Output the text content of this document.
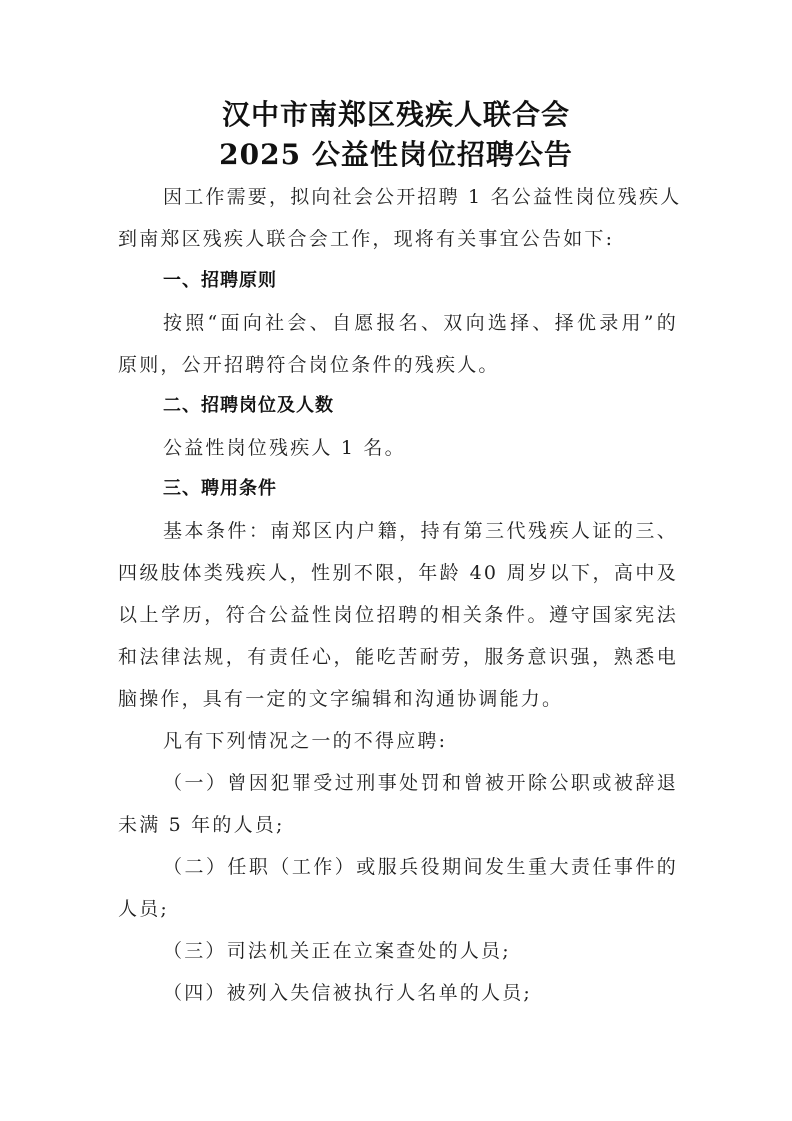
汉中市南郑区残疾人联合会
2025 公益性岗位招聘公告
因工作需要，拟向社会公开招聘 1 名公益性岗位残疾人
到南郑区残疾人联合会工作，现将有关事宜公告如下:
一、招聘原则
按照“面向社会、自愿报名、双向选择、择优录用”的
原则，公开招聘符合岗位条件的残疾人。
二、招聘岗位及人数
公益性岗位残疾人 1 名。
三、聘用条件
基本条件：南郑区内户籍，持有第三代残疾人证的三、
四级肢体类残疾人，性别不限，年龄 40 周岁以下，高中及
以上学历，符合公益性岗位招聘的相关条件。遵守国家宪法
和法律法规，有责任心，能吃苦耐劳，服务意识强，熟悉电
脑操作，具有一定的文字编辑和沟通协调能力。
凡有下列情况之一的不得应聘:
（一）曾因犯罪受过刑事处罚和曾被开除公职或被辞退
未满 5 年的人员;
（二）任职（工作）或服兵役期间发生重大责任事件的
人员;
（三）司法机关正在立案查处的人员;
（四）被列入失信被执行人名单的人员;
